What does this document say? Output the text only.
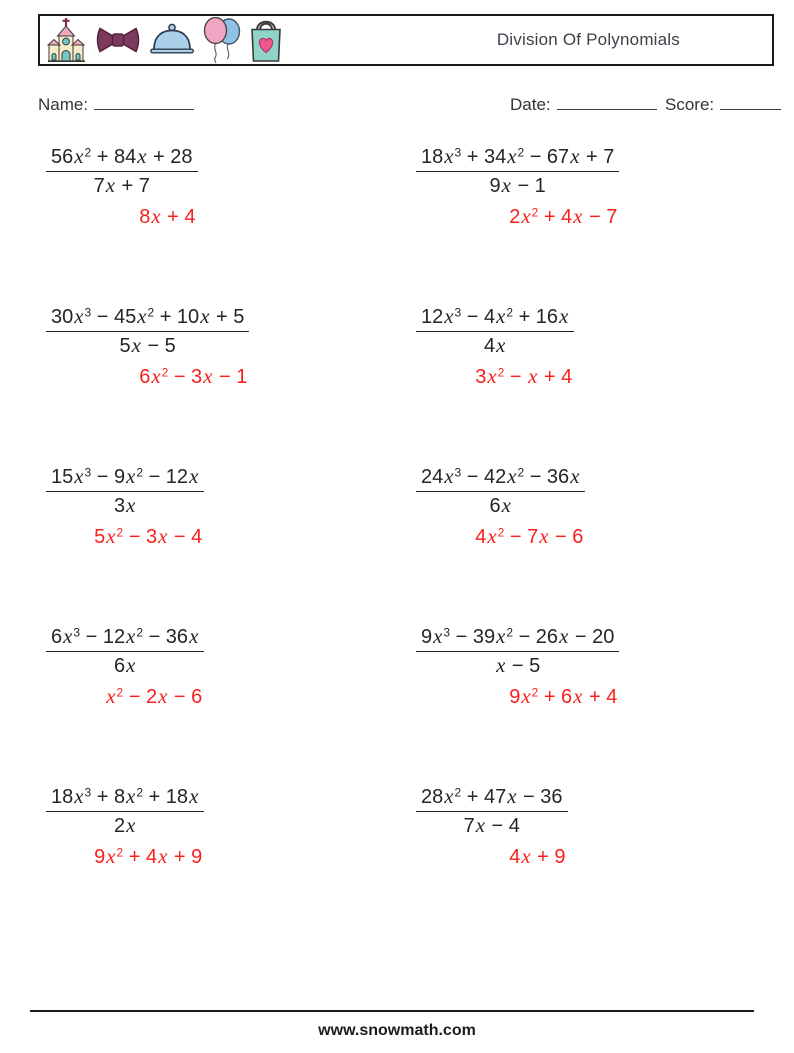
Division Of Polynomials
Name:	Date:	Score:
$56x^2 + 84x + 28$
7x + 7
8x + 4
$18x^3 + 34x^2 - 67x + 7$
9x − 1
$2x^2 + 4x - 7$
$30x^3 - 45x^2 + 10x + 5$
5x − 5
$6x^2 - 3x - 1$
$12x^3 - 4x^2 + 16x$
4x
$3x^2 - x + 4$
$15x^3 - 9x^2 - 12x$
3x
$5x^2 - 3x - 4$
$24x^3 - 42x^2 - 36x$
6x
$4x^2 - 7x - 6$
$6x^3 - 12x^2 - 36x$
6x
$x^2 - 2x - 6$
$9x^3 - 39x^2 - 26x - 20$
x − 5
$9x^2 + 6x + 4$
$18x^3 + 8x^2 + 18x$
2x
$9x^2 + 4x + 9$
$28x^2 + 47x - 36$
7x − 4
4x + 9
www.snowmath.com
